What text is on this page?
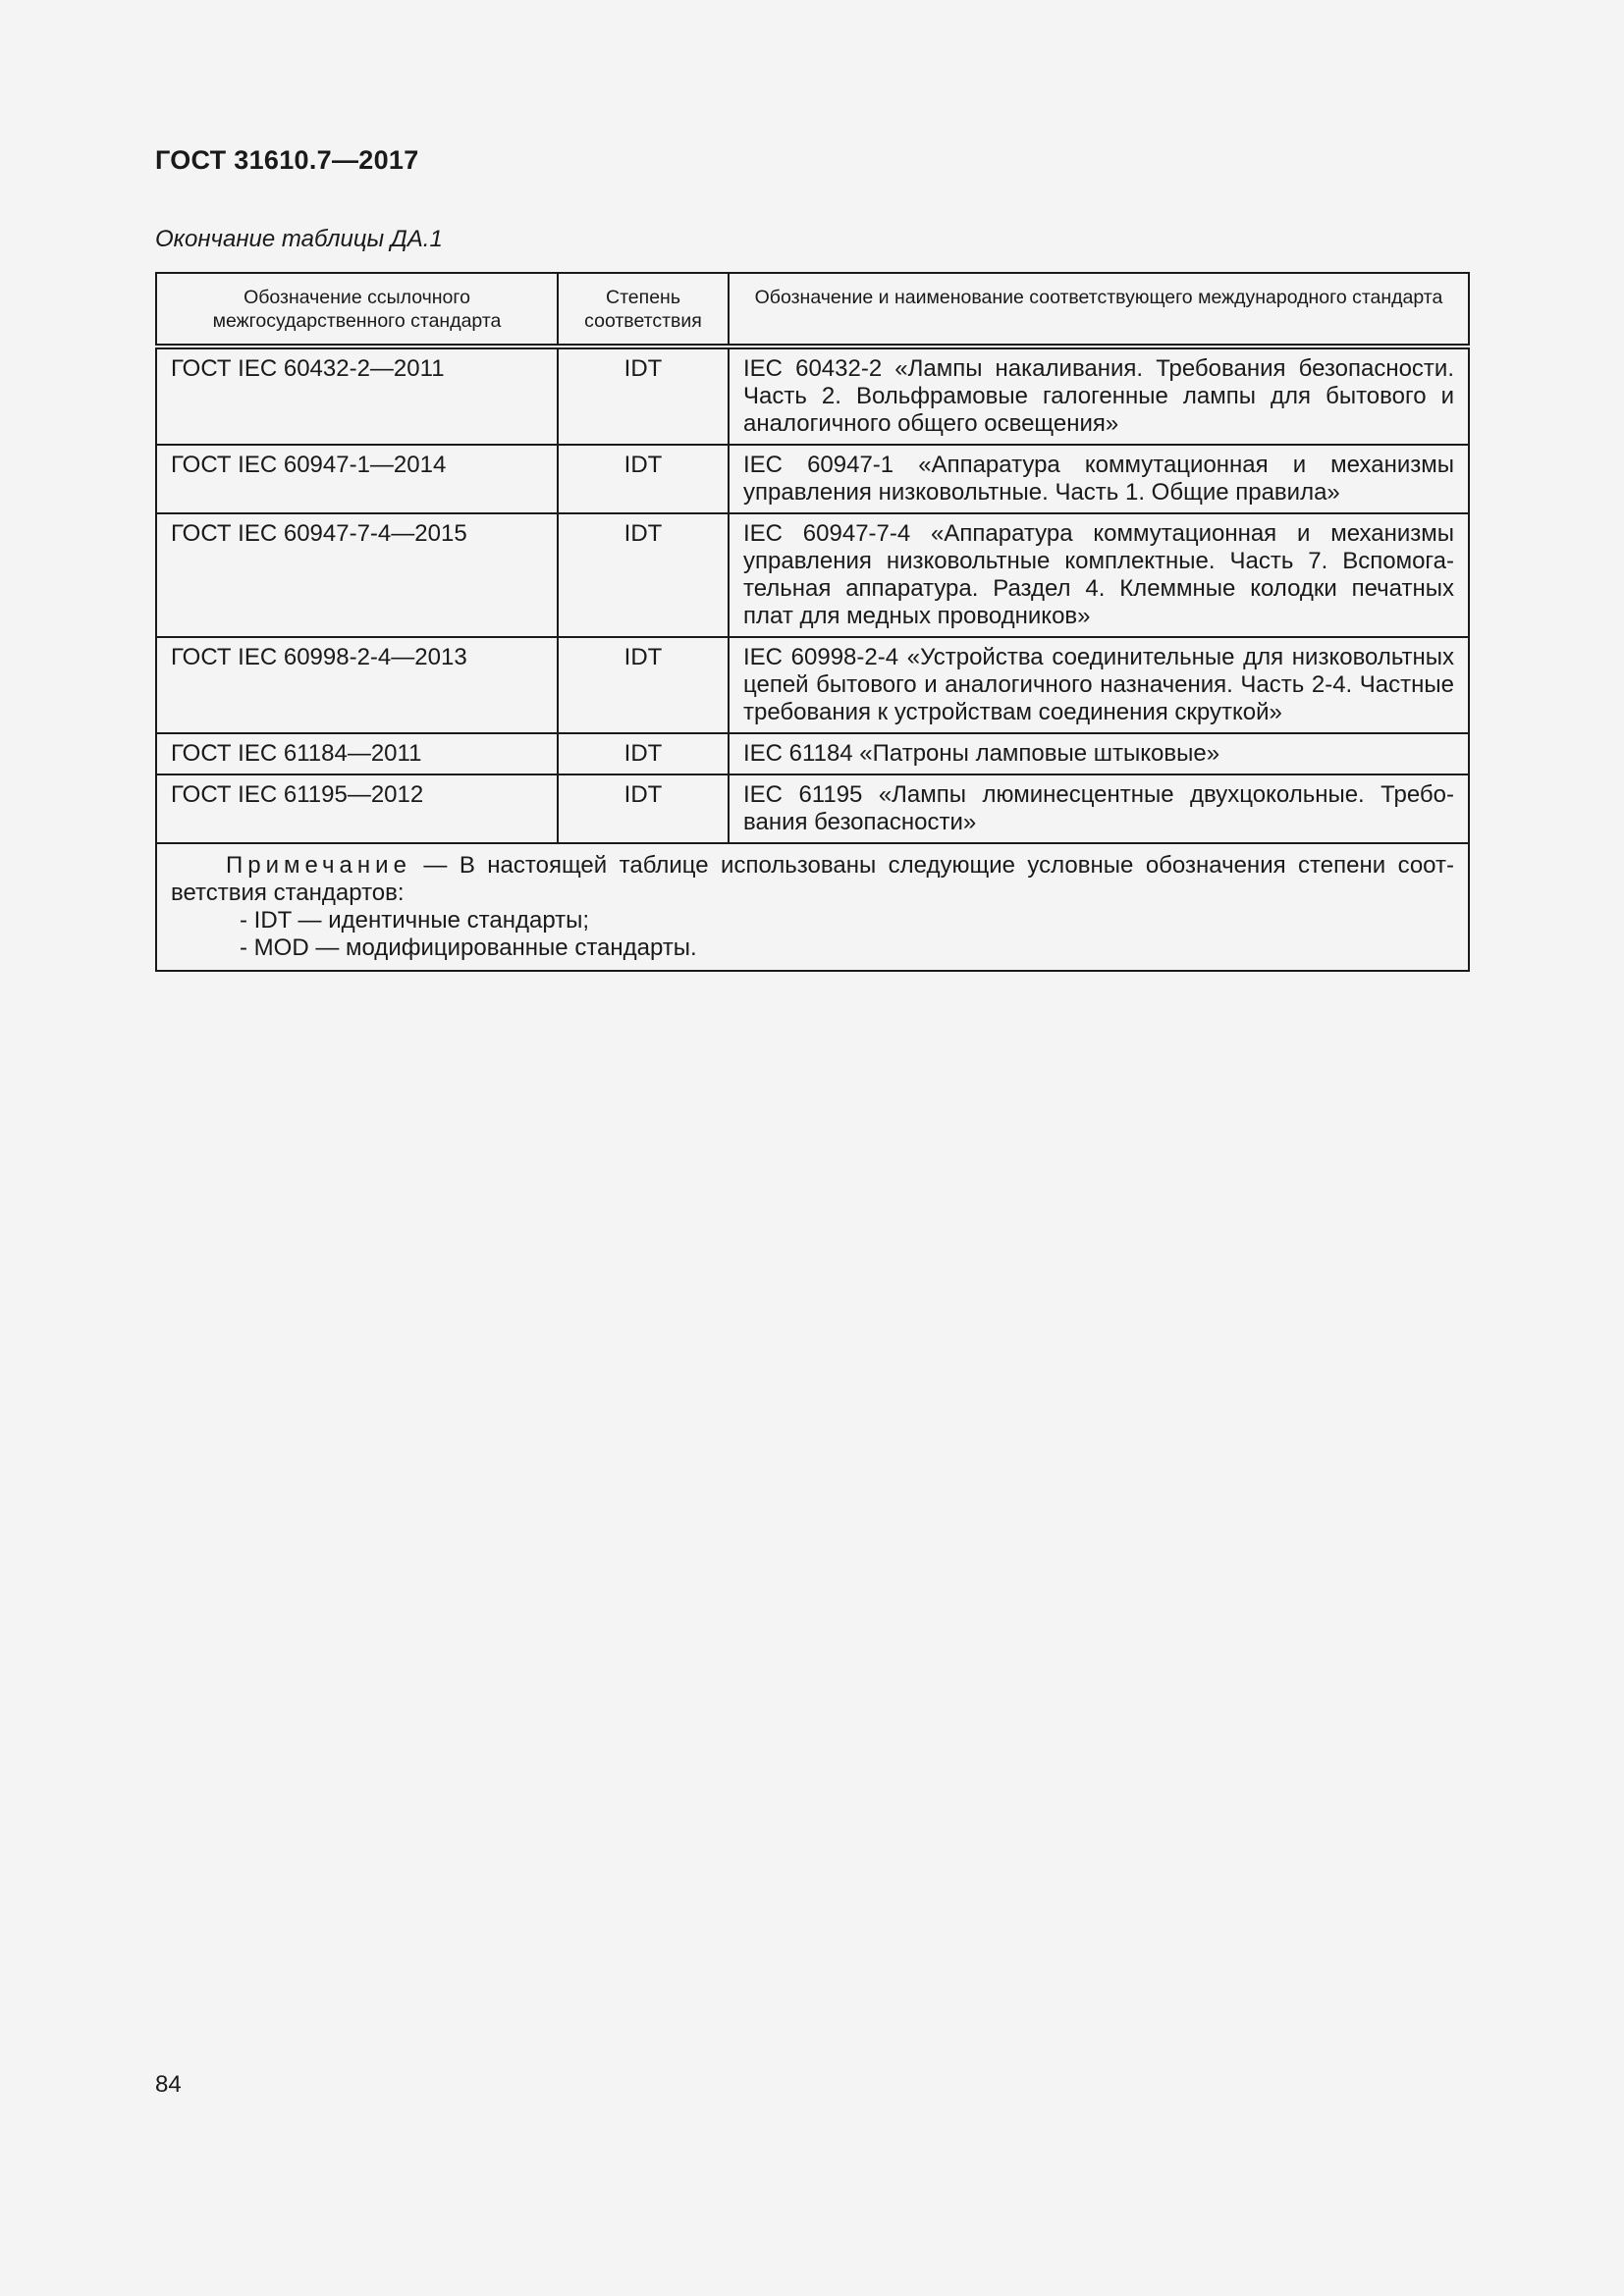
ГОСТ 31610.7—2017
Окончание таблицы ДА.1
Обозначение ссылочного межгосударственного стандарта	Степень соответствия	Обозначение и наименование соответствующего международного стандарта
ГОСТ IEC 60432-2—2011	IDT	IEC 60432-2 «Лампы накаливания. Требования безопасности. Часть 2. Вольфрамовые галогенные лампы для бытового и аналогичного общего освещения»
ГОСТ IEC 60947-1—2014	IDT	IEC 60947-1 «Аппаратура коммутационная и механизмы управления низковольтные. Часть 1. Общие правила»
ГОСТ IEC 60947-7-4—2015	IDT	IEC 60947-7-4 «Аппаратура коммутационная и механизмы управления низковольтные комплектные. Часть 7. Вспомогательная аппаратура. Раздел 4. Клеммные колодки печатных плат для медных проводников»
ГОСТ IEC 60998-2-4—2013	IDT	IEC 60998-2-4 «Устройства соединительные для низковольтных цепей бытового и аналогичного назначения. Часть 2-4. Частные требования к устройствам соединения скруткой»
ГОСТ IEC 61184—2011	IDT	IEC 61184 «Патроны ламповые штыковые»
ГОСТ IEC 61195—2012	IDT	IEC 61195 «Лампы люминесцентные двухцокольные. Требования безопасности»

Примечание — В настоящей таблице использованы следующие условные обозначения степени соответствия стандартов:
- IDT — идентичные стандарты;
- MOD — модифицированные стандарты.		
84
